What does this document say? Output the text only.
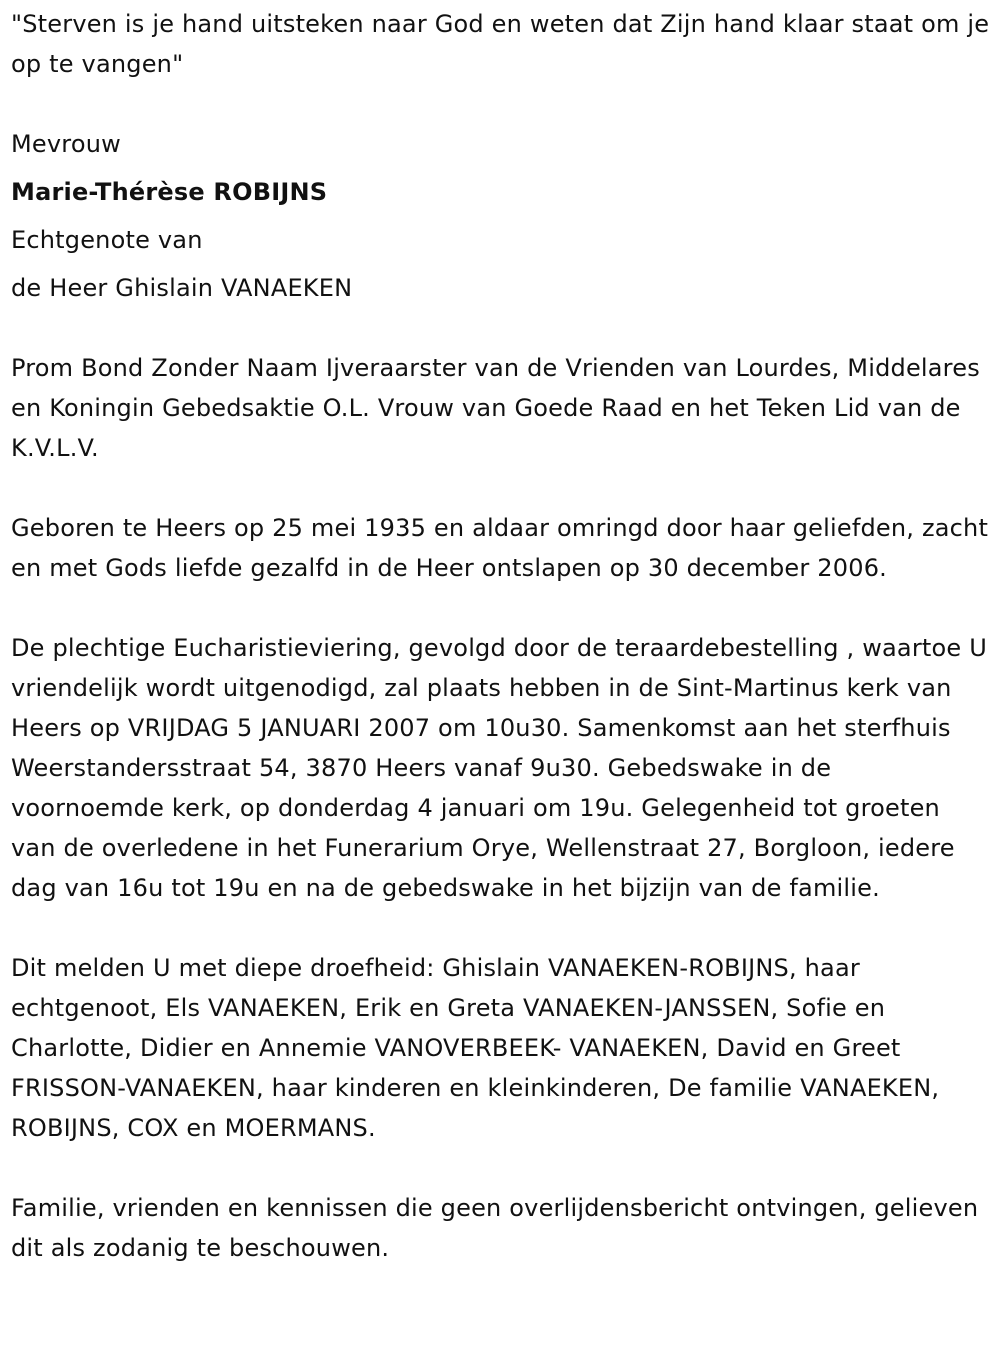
"Sterven is je hand uitsteken naar God en weten dat Zijn hand klaar staat om je op te vangen"

Mevrouw
Marie-Thérèse ROBIJNS
Echtgenote van
de Heer Ghislain VANAEKEN

Prom Bond Zonder Naam Ijveraarster van de Vrienden van Lourdes, Middelares en Koningin Gebedsaktie O.L. Vrouw van Goede Raad en het Teken Lid van de K.V.L.V.

Geboren te Heers op 25 mei 1935 en aldaar omringd door haar geliefden, zacht en met Gods liefde gezalfd in de Heer ontslapen op 30 december 2006.

De plechtige Eucharistieviering, gevolgd door de teraardebestelling , waartoe U vriendelijk wordt uitgenodigd, zal plaats hebben in de Sint-Martinus kerk van Heers op VRIJDAG 5 JANUARI 2007 om 10u30. Samenkomst aan het sterfhuis Weerstandersstraat 54, 3870 Heers vanaf 9u30. Gebedswake in de voornoemde kerk, op donderdag 4 januari om 19u. Gelegenheid tot groeten van de overledene in het Funerarium Orye, Wellenstraat 27, Borgloon, iedere dag van 16u tot 19u en na de gebedswake in het bijzijn van de familie.

Dit melden U met diepe droefheid: Ghislain VANAEKEN-ROBIJNS, haar echtgenoot, Els VANAEKEN, Erik en Greta VANAEKEN-JANSSEN, Sofie en Charlotte, Didier en Annemie VANOVERBEEK- VANAEKEN, David en Greet FRISSON-VANAEKEN, haar kinderen en kleinkinderen, De familie VANAEKEN, ROBIJNS, COX en MOERMANS.

Familie, vrienden en kennissen die geen overlijdensbericht ontvingen, gelieven dit als zodanig te beschouwen.
